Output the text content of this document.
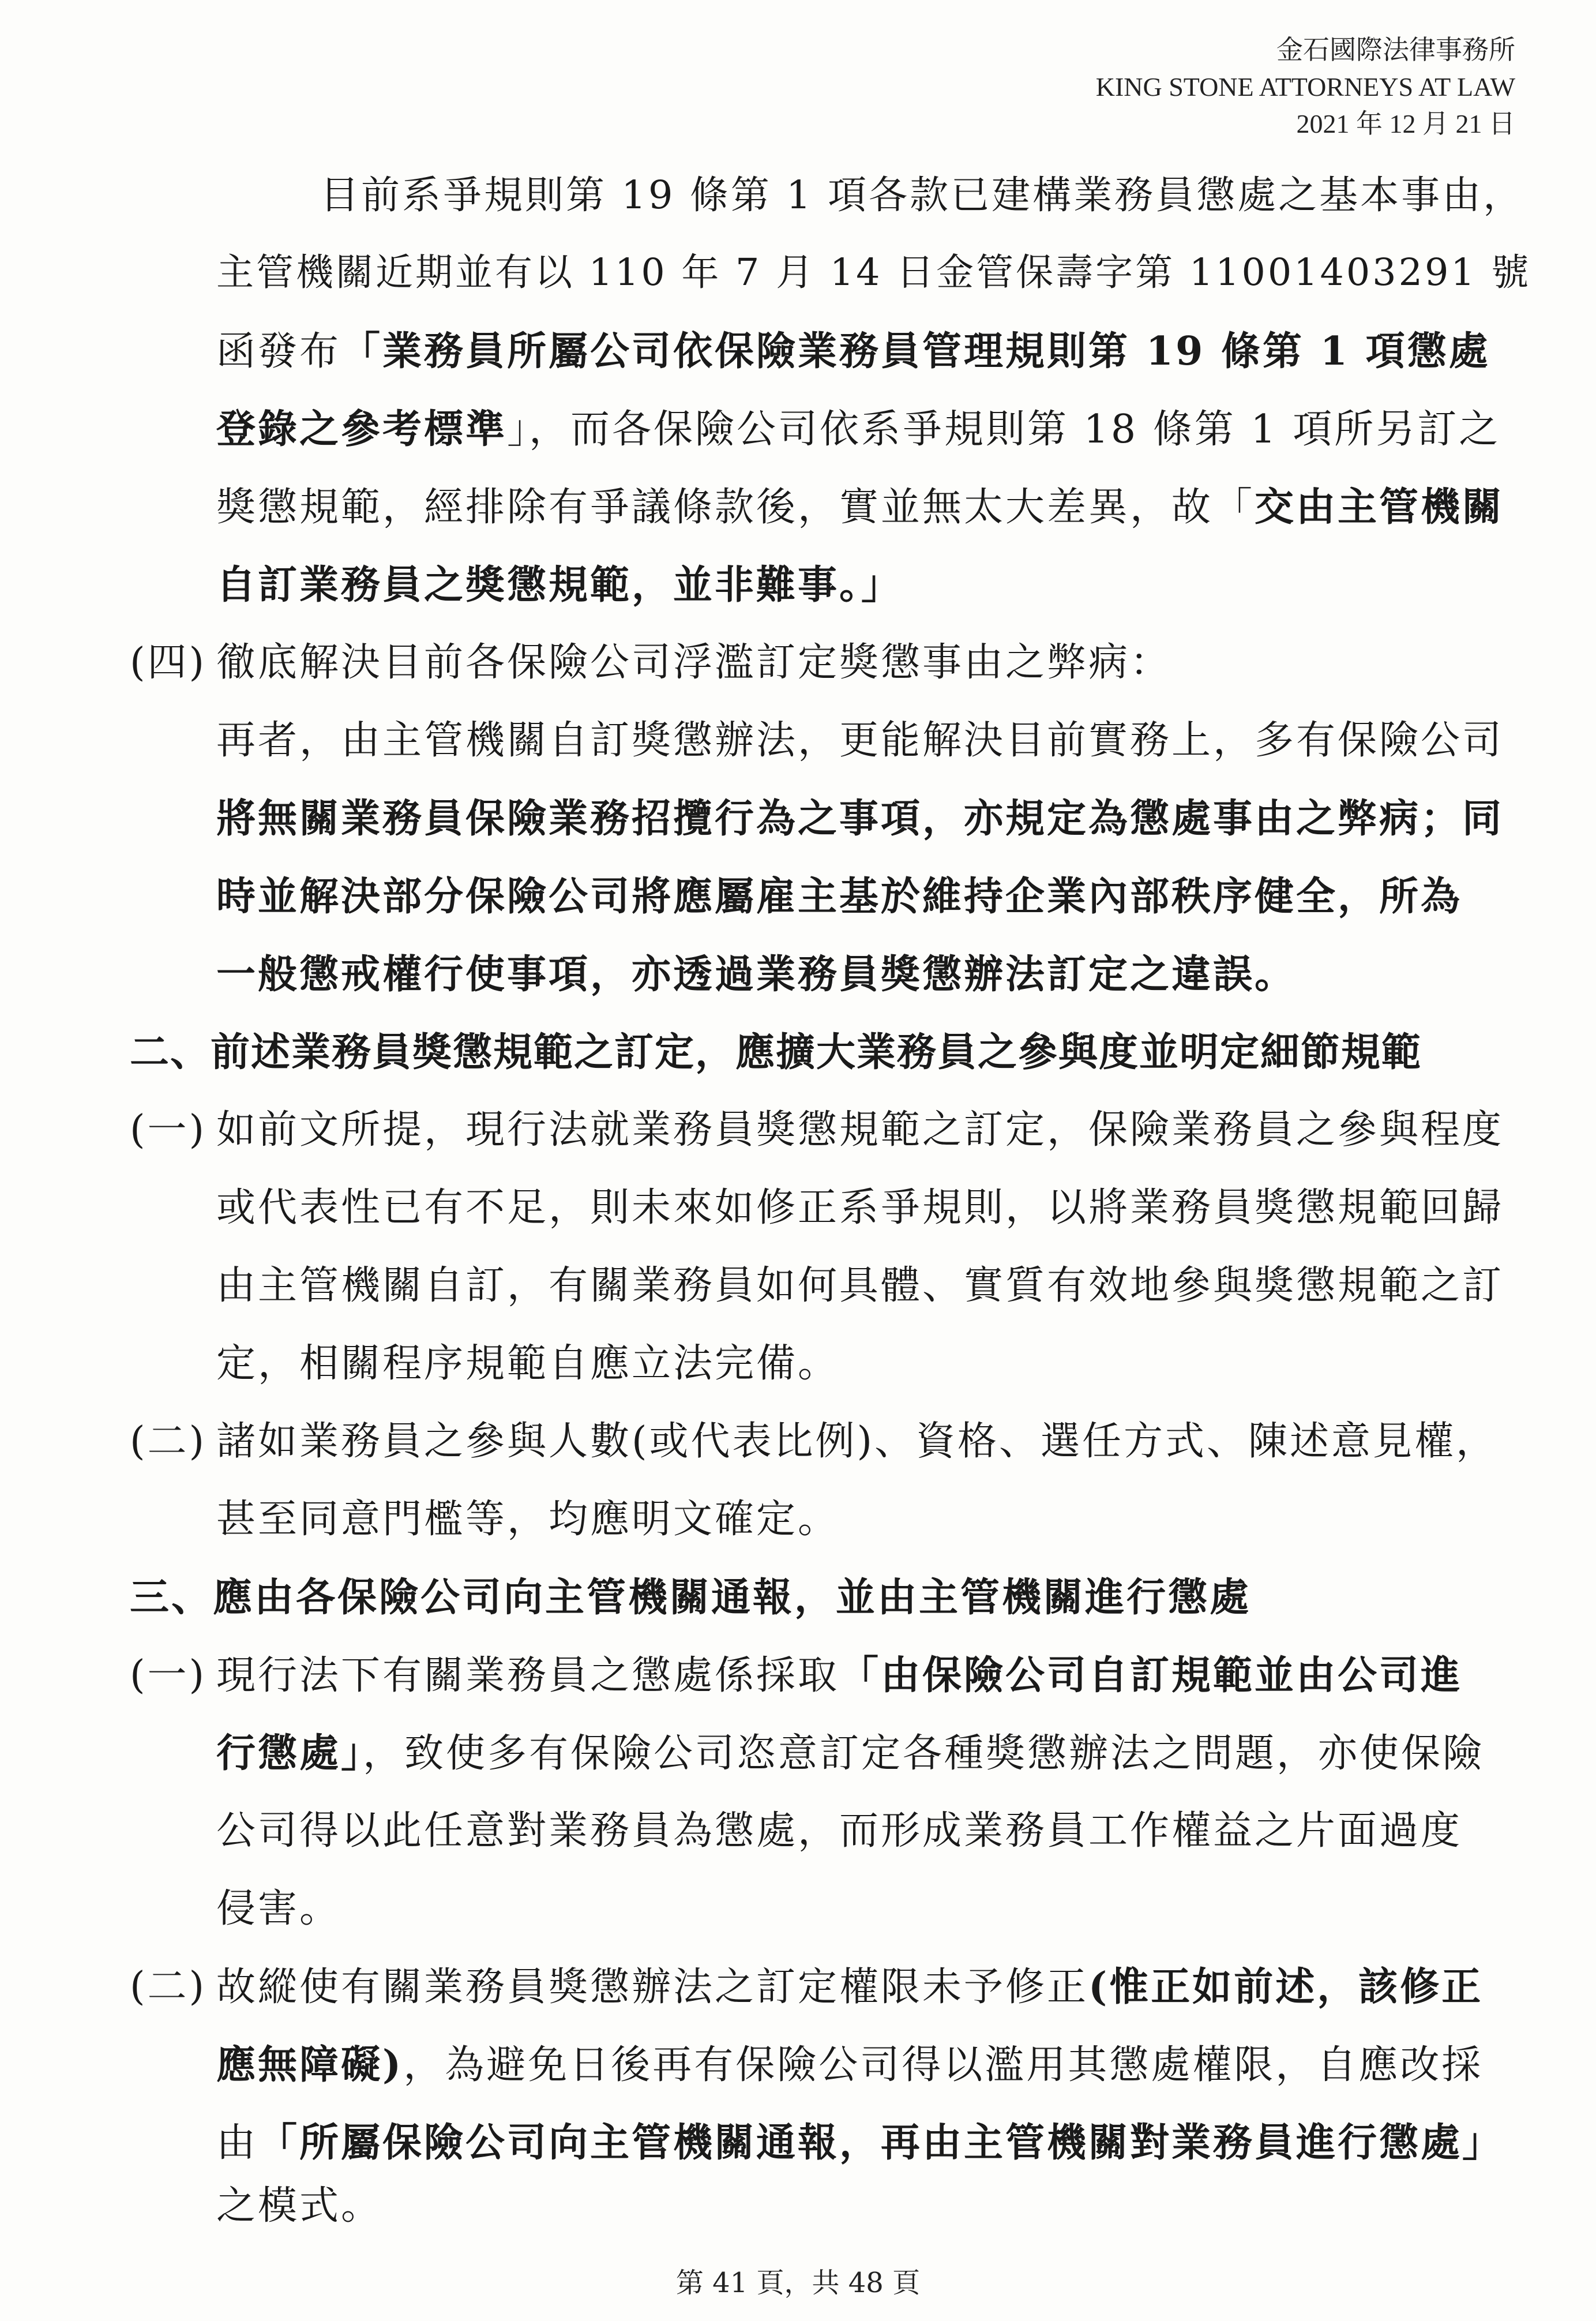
金石國際法律事務所
KING STONE ATTORNEYS AT LAW
2021 年 12 月 21 日
目前系爭規則第 19 條第 1 項各款已建構業務員懲處之基本事由，
主管機關近期並有以 110 年 7 月 14 日金管保壽字第 11001403291 號
函發布「業務員所屬公司依保險業務員管理規則第 19 條第 1 項懲處
登錄之參考標準」，而各保險公司依系爭規則第 18 條第 1 項所另訂之
獎懲規範，經排除有爭議條款後，實並無太大差異，故「交由主管機關
自訂業務員之獎懲規範，並非難事。」
(四) 徹底解決目前各保險公司浮濫訂定獎懲事由之弊病：
再者，由主管機關自訂獎懲辦法，更能解決目前實務上，多有保險公司
將無關業務員保險業務招攬行為之事項，亦規定為懲處事由之弊病；同
時並解決部分保險公司將應屬雇主基於維持企業內部秩序健全，所為
一般懲戒權行使事項，亦透過業務員獎懲辦法訂定之違誤。
二、前述業務員獎懲規範之訂定，應擴大業務員之參與度並明定細節規範
(一) 如前文所提，現行法就業務員獎懲規範之訂定，保險業務員之參與程度
或代表性已有不足，則未來如修正系爭規則，以將業務員獎懲規範回歸
由主管機關自訂，有關業務員如何具體、實質有效地參與獎懲規範之訂
定，相關程序規範自應立法完備。
(二) 諸如業務員之參與人數(或代表比例)、資格、選任方式、陳述意見權，
甚至同意門檻等，均應明文確定。
三、應由各保險公司向主管機關通報，並由主管機關進行懲處
(一) 現行法下有關業務員之懲處係採取「由保險公司自訂規範並由公司進
行懲處」，致使多有保險公司恣意訂定各種獎懲辦法之問題，亦使保險
公司得以此任意對業務員為懲處，而形成業務員工作權益之片面過度
侵害。
(二) 故縱使有關業務員獎懲辦法之訂定權限未予修正(惟正如前述，該修正
應無障礙)，為避免日後再有保險公司得以濫用其懲處權限，自應改採
由「所屬保險公司向主管機關通報，再由主管機關對業務員進行懲處」
之模式。
第 41 頁，共 48 頁
